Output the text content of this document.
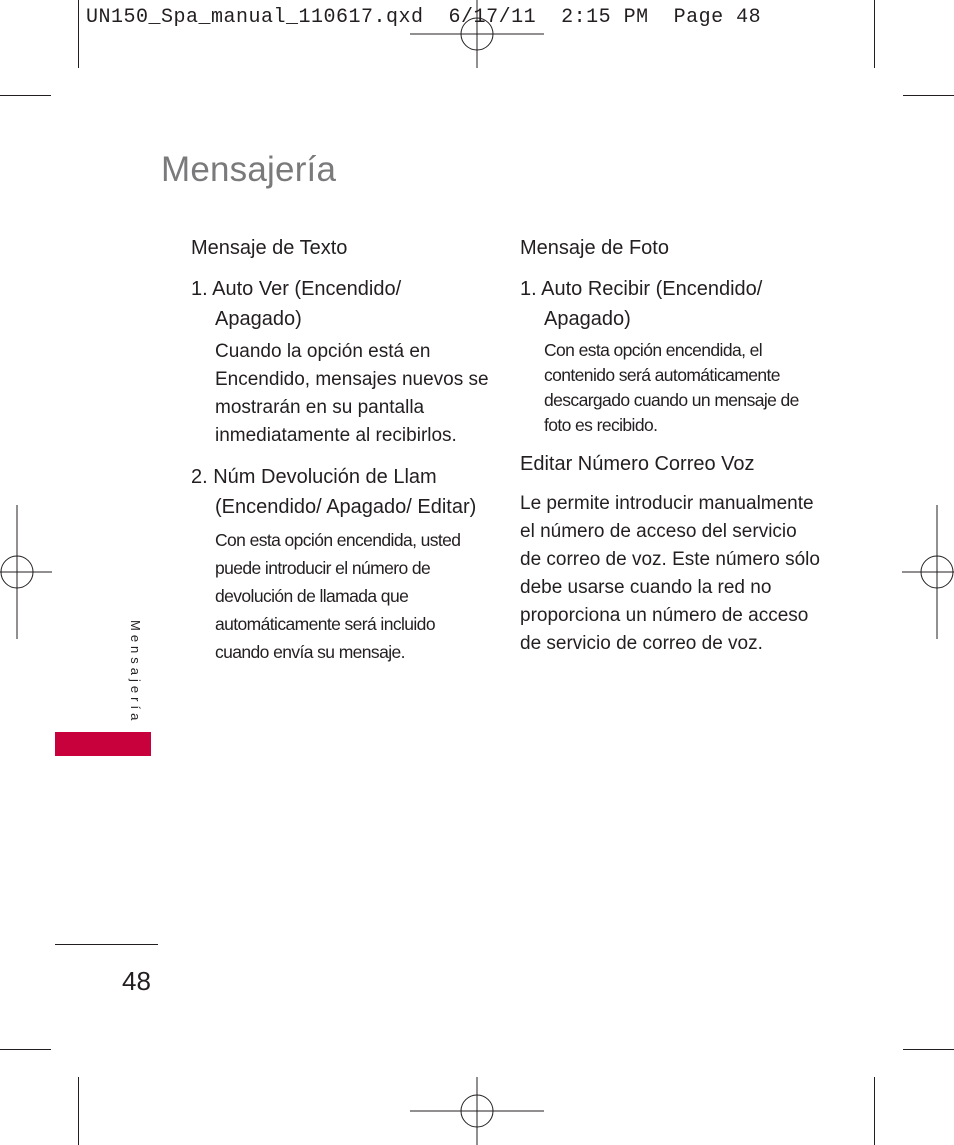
UN150_Spa_manual_110617.qxd  6/17/11  2:15 PM  Page 48
Mensajería

Mensaje de Texto

1. Auto Ver (Encendido/ Apagado)

Cuando la opción está en Encendido, mensajes nuevos se mostrarán en su pantalla inmediatamente al recibirlos.

2. Núm Devolución de Llam (Encendido/ Apagado/ Editar)

Con esta opción encendida, usted puede introducir el número de devolución de llamada que automáticamente será incluido cuando envía su mensaje.

Mensaje de Foto

1. Auto Recibir (Encendido/ Apagado)

Con esta opción encendida, el contenido será automáticamente descargado cuando un mensaje de foto es recibido.

Editar Número Correo Voz

Le permite introducir manualmente el número de acceso del servicio de correo de voz. Este número sólo debe usarse cuando la red no proporciona un número de acceso de servicio de correo de voz.

Mensajería
48
